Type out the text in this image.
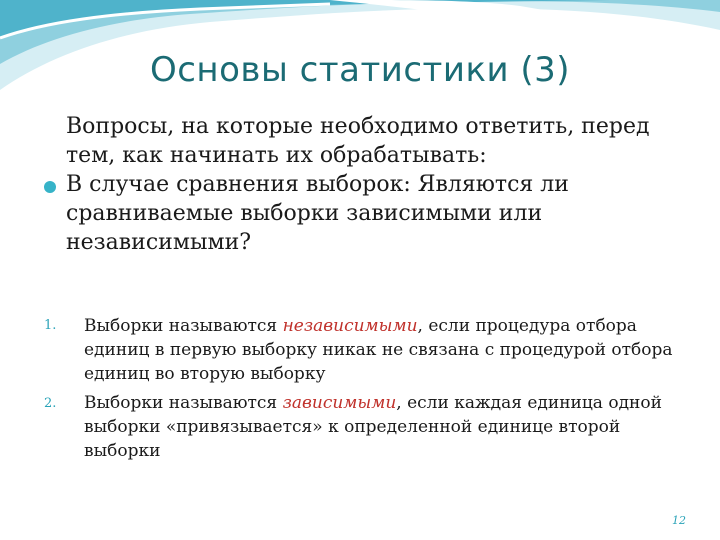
Основы статистики (3)
Вопросы, на которые необходимо ответить, перед тем, как начинать их обрабатывать:
В случае сравнения выборок: Являются ли сравниваемые выборки зависимыми или независимыми?
1. Выборки называются независимыми, если процедура отбора единиц в первую выборку никак не связана с процедурой отбора единиц во вторую выборку
2. Выборки называются зависимыми, если каждая единица одной выборки «привязывается» к определенной единице второй выборки
12
